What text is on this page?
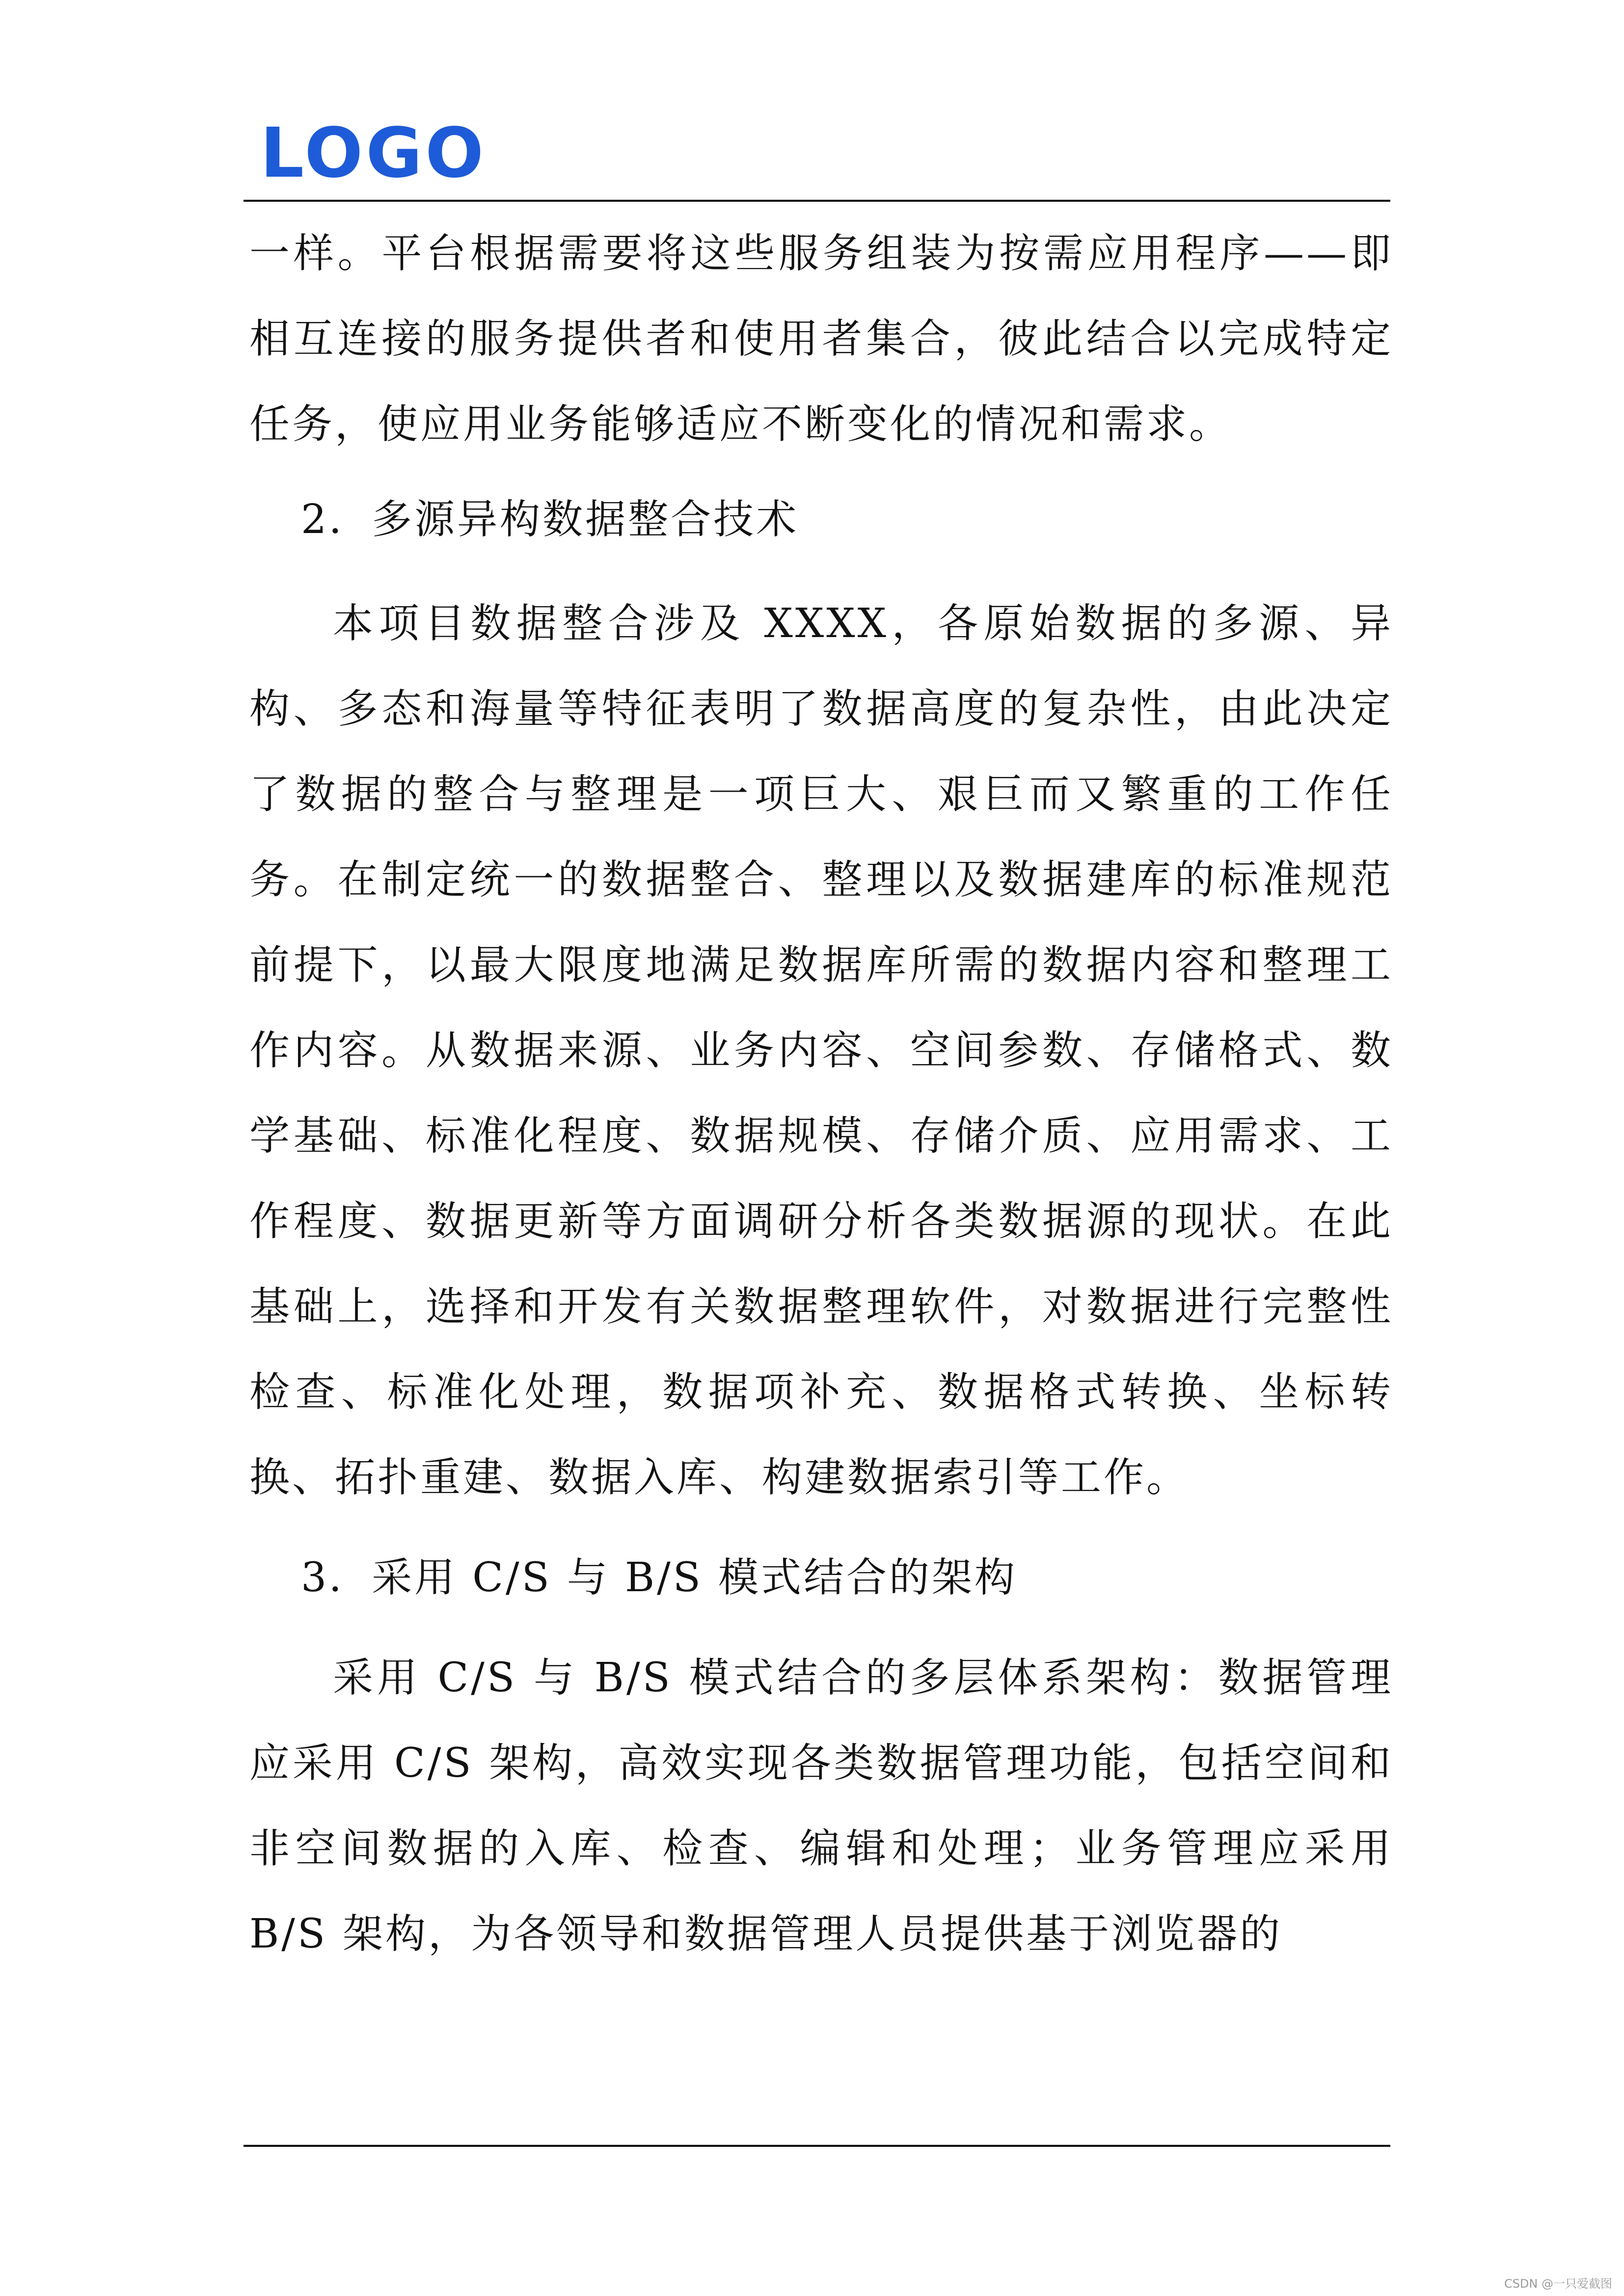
LOGO

一样。平台根据需要将这些服务组装为按需应用程序——即相互连接的服务提供者和使用者集合，彼此结合以完成特定任务，使应用业务能够适应不断变化的情况和需求。

2．多源异构数据整合技术

本项目数据整合涉及 XXXX，各原始数据的多源、异构、多态和海量等特征表明了数据高度的复杂性，由此决定了数据的整合与整理是一项巨大、艰巨而又繁重的工作任务。在制定统一的数据整合、整理以及数据建库的标准规范前提下，以最大限度地满足数据库所需的数据内容和整理工作内容。从数据来源、业务内容、空间参数、存储格式、数学基础、标准化程度、数据规模、存储介质、应用需求、工作程度、数据更新等方面调研分析各类数据源的现状。在此基础上，选择和开发有关数据整理软件，对数据进行完整性检查、标准化处理，数据项补充、数据格式转换、坐标转换、拓扑重建、数据入库、构建数据索引等工作。

3．采用 C/S 与 B/S 模式结合的架构

采用 C/S 与 B/S 模式结合的多层体系架构：数据管理应采用 C/S 架构，高效实现各类数据管理功能，包括空间和非空间数据的入库、检查、编辑和处理；业务管理应采用 B/S 架构，为各领导和数据管理人员提供基于浏览器的

CSDN @一只爱截图
